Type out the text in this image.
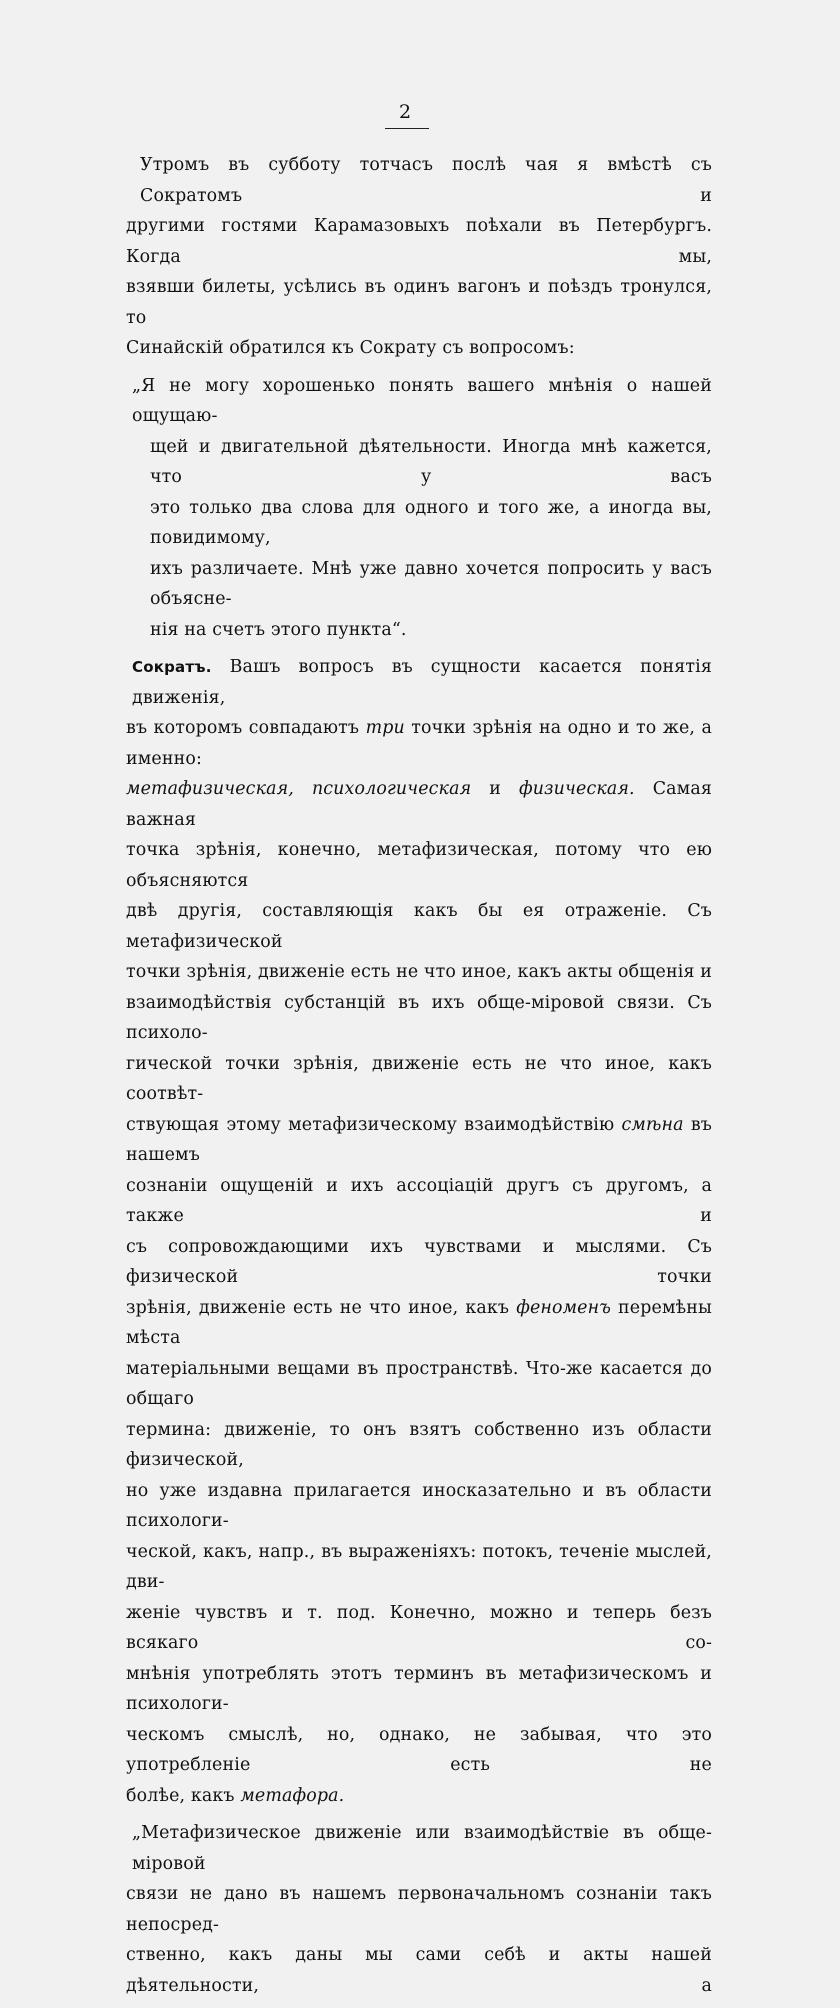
2
Утромъ въ субботу тотчасъ послѣ чая я вмѣстѣ съ Сократомъ и
другими гостями Карамазовыхъ поѣхали въ Петербургъ. Когда мы,
взявши билеты, усѣлись въ одинъ вагонъ и поѣздъ тронулся, то
Синайскій обратился къ Сократу съ вопросомъ:
„Я не могу хорошенько понять вашего мнѣнія о нашей ощущаю-
щей и двигательной дѣятельности. Иногда мнѣ кажется, что у васъ
это только два слова для одного и того же, а иногда вы, повидимому,
ихъ различаете. Мнѣ уже давно хочется попросить у васъ объясне-
нія на счетъ этого пункта“.
Сократъ. Вашъ вопросъ въ сущности касается понятія движенія,
въ которомъ совпадаютъ три точки зрѣнія на одно и то же, а именно:
метафизическая, психологическая и физическая. Самая важная
точка зрѣнія, конечно, метафизическая, потому что ею объясняются
двѣ другія, составляющія какъ бы ея отраженіе. Съ метафизической
точки зрѣнія, движеніе есть не что иное, какъ акты общенія и
взаимодѣйствія субстанцій въ ихъ обще-міровой связи. Съ психоло-
гической точки зрѣнія, движеніе есть не что иное, какъ соотвѣт-
ствующая этому метафизическому взаимодѣйствію смѣна въ нашемъ
сознаніи ощущеній и ихъ ассоціацій другъ съ другомъ, а также и
съ сопровождающими ихъ чувствами и мыслями. Съ физической точки
зрѣнія, движеніе есть не что иное, какъ феноменъ перемѣны мѣста
матеріальными вещами въ пространствѣ. Что-же касается до общаго
термина: движеніе, то онъ взятъ собственно изъ области физической,
но уже издавна прилагается иносказательно и въ области психологи-
ческой, какъ, напр., въ выраженіяхъ: потокъ, теченіе мыслей, дви-
женіе чувствъ и т. под. Конечно, можно и теперь безъ всякаго со-
мнѣнія употреблять этотъ терминъ въ метафизическомъ и психологи-
ческомъ смыслѣ, но, однако, не забывая, что это употребленіе есть не
болѣе, какъ метафора.
„Метафизическое движеніе или взаимодѣйствіе въ обще-міровой
связи не дано въ нашемъ первоначальномъ сознаніи такъ непосред-
ственно, какъ даны мы сами себѣ и акты нашей дѣятельности, а
